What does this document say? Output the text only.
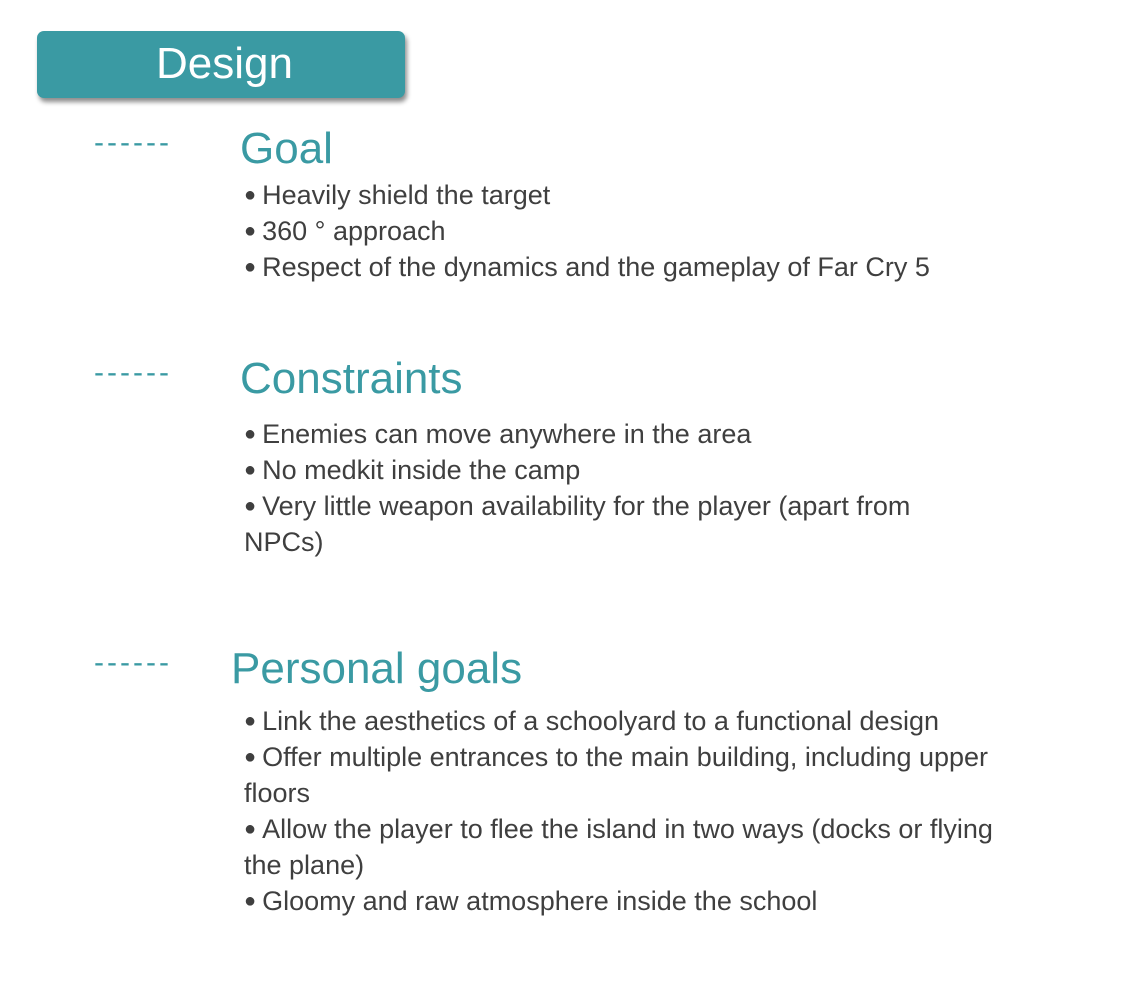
Design
------ Goal
● Heavily shield the target
● 360 ° approach
● Respect of the dynamics and the gameplay of Far Cry 5
------ Constraints
● Enemies can move anywhere in the area
● No medkit inside the camp
● Very little weapon availability for the player (apart from NPCs)
------ Personal goals
● Link the aesthetics of a schoolyard to a functional design
● Offer multiple entrances to the main building, including upper floors
● Allow the player to flee the island in two ways (docks or flying the plane)
● Gloomy and raw atmosphere inside the school
